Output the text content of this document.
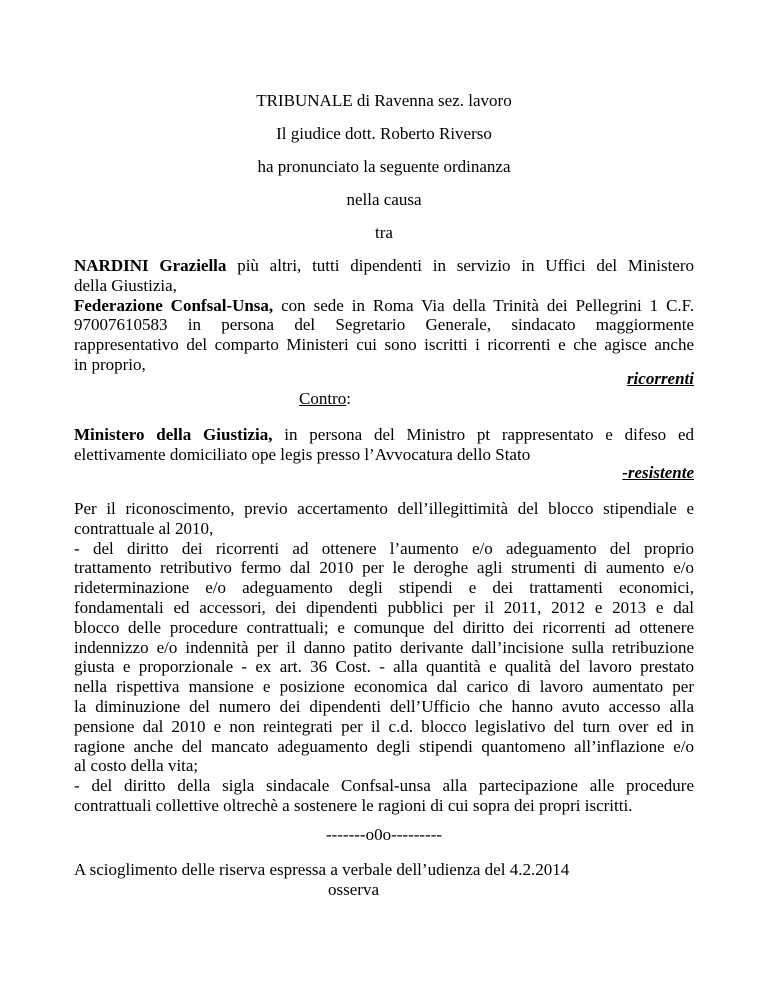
TRIBUNALE di Ravenna sez. lavoro
Il giudice dott. Roberto Riverso
ha pronunciato la seguente ordinanza
nella causa
tra
NARDINI Graziella più altri, tutti dipendenti in servizio in Uffici del Ministero
della Giustizia,
Federazione Confsal-Unsa, con sede in Roma Via della Trinità dei Pellegrini 1 C.F.
97007610583 in persona del Segretario Generale, sindacato maggiormente
rappresentativo del comparto Ministeri cui sono iscritti i ricorrenti e che agisce anche
in proprio,
ricorrenti
Contro:
Ministero della Giustizia, in persona del Ministro pt rappresentato e difeso ed
elettivamente domiciliato ope legis presso l’Avvocatura dello Stato
-resistente
Per il riconoscimento, previo accertamento dell’illegittimità del blocco stipendiale e
contrattuale al 2010,
- del diritto dei ricorrenti ad ottenere l’aumento e/o adeguamento del proprio
trattamento retributivo fermo dal 2010 per le deroghe agli strumenti di aumento e/o
rideterminazione e/o adeguamento degli stipendi e dei trattamenti economici,
fondamentali ed accessori, dei dipendenti pubblici per il 2011, 2012 e 2013 e dal
blocco delle procedure contrattuali; e comunque del diritto dei ricorrenti ad ottenere
indennizzo e/o indennità per il danno patito derivante dall’incisione sulla retribuzione
giusta e proporzionale - ex art. 36 Cost. - alla quantità e qualità del lavoro prestato
nella rispettiva mansione e posizione economica dal carico di lavoro aumentato per
la diminuzione del numero dei dipendenti dell’Ufficio che hanno avuto accesso alla
pensione dal 2010 e non reintegrati per il c.d. blocco legislativo del turn over ed in
ragione anche del mancato adeguamento degli stipendi quantomeno all’inflazione e/o
al costo della vita;
- del diritto della sigla sindacale Confsal-unsa alla partecipazione alle procedure
contrattuali collettive oltrechè a sostenere le ragioni di cui sopra dei propri iscritti.
-------o0o---------
A scioglimento delle riserva espressa a verbale dell’udienza del 4.2.2014
osserva
